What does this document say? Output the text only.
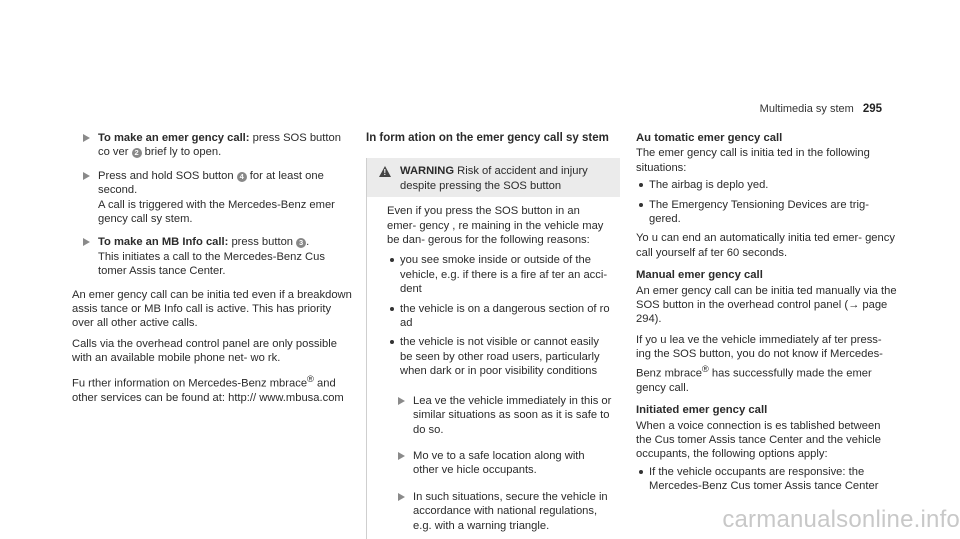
Multimedia sy stem 295
To make an emer gency call: press SOS button co ver 2 brief ly to open.
Press and hold SOS button 4 for at least one second.
A call is triggered with the Mercedes-Benz emer gency call sy stem.
To make an MB Info call: press button 3 .
This initiates a call to the Mercedes-Benz Cus tomer Assis tance Center.

An emer gency call can be initia ted even if a breakdown assis tance or MB Info call is active. This has priority over all other active calls.

Calls via the overhead control panel are only possible with an available mobile phone net‐ wo rk.

Fu rther information on Mercedes-Benz mbrace® and other services can be found at: http:// www.mbusa.com

In form ation on the emer gency call sy stem
!
WARNING Risk of accident and injury despite pressing the SOS button

Even if you press the SOS button in an emer‐ gency , re maining in the vehicle may be dan‐ gerous for the following reasons:

you see smoke inside or outside of the vehicle, e.g. if there is a fire af ter an acci‐ dent
the vehicle is on a dangerous section of ro ad
the vehicle is not visible or cannot easily be seen by other road users, particularly when dark or in poor visibility conditions
Lea ve the vehicle immediately in this or similar situations as soon as it is safe to do so.
Mo ve to a safe location along with other ve hicle occupants.
In such situations, secure the vehicle in accordance with national regulations, e.g. with a warning triangle.
Au tomatic emer gency call

The emer gency call is initia ted in the following situations:

The airbag is deplo yed.
The Emergency Tensioning Devices are trig‐ gered.

Yo u can end an automatically initia ted emer‐ gency call yourself af ter 60 seconds.

Manual emer gency call

An emer gency call can be initia ted manually via the SOS button in the overhead control panel (→ page 294).

If yo u lea ve the vehicle immediately af ter press‐ ing the SOS button, you do not know if Mercedes-Benz mbrace® has successfully made the emer gency call.

Initiated emer gency call

When a voice connection is es tablished between the Cus tomer Assis tance Center and the vehicle occupants, the following options apply:

If the vehicle occupants are responsive: the Mercedes-Benz Cus tomer Assis tance Center
carmanualsonline.info
